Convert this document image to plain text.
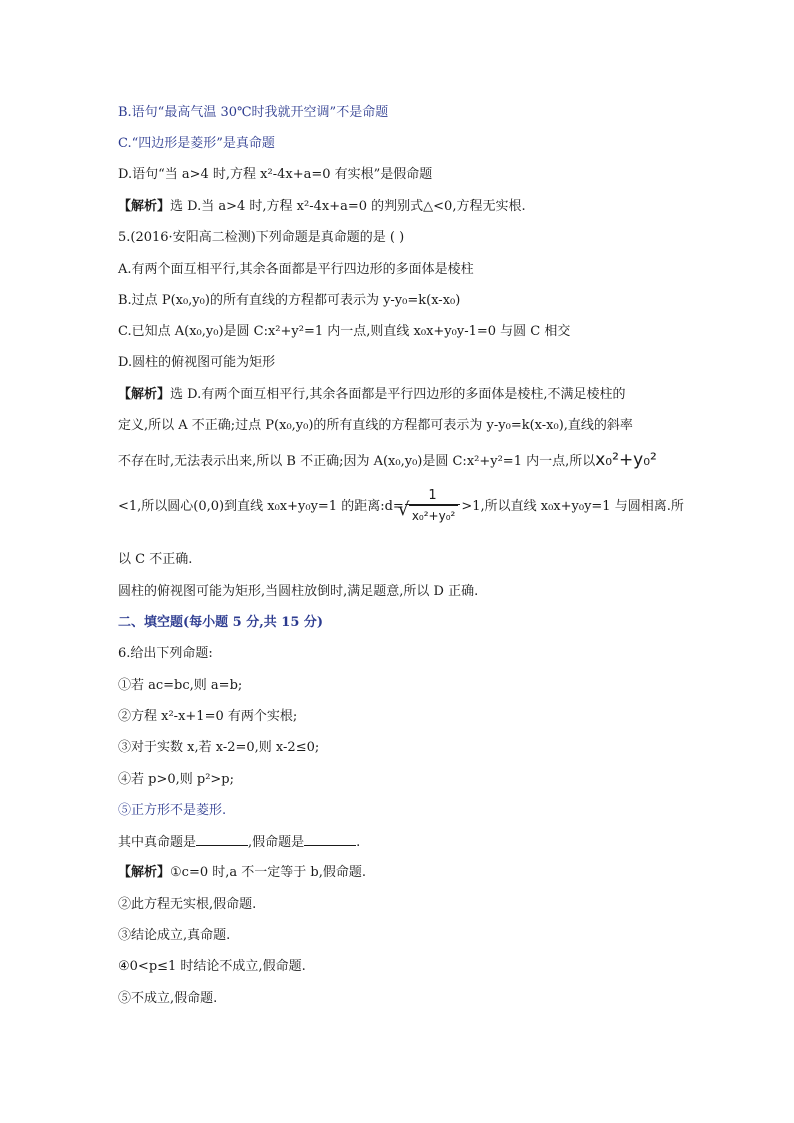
B.语句“最高气温 30℃时我就开空调”不是命题
C.“四边形是菱形”是真命题
D.语句“当 a>4 时,方程 x²-4x+a=0 有实根”是假命题
【解析】选 D.当 a>4 时,方程 x²-4x+a=0 的判别式△<0,方程无实根.
5.(2016·安阳高二检测)下列命题是真命题的是 ( )
A.有两个面互相平行,其余各面都是平行四边形的多面体是棱柱
B.过点 P(x₀,y₀)的所有直线的方程都可表示为 y-y₀=k(x-x₀)
C.已知点 A(x₀,y₀)是圆 C:x²+y²=1 内一点,则直线 x₀x+y₀y-1=0 与圆 C 相交
D.圆柱的俯视图可能为矩形
【解析】选 D.有两个面互相平行,其余各面都是平行四边形的多面体是棱柱,不满足棱柱的
定义,所以 A 不正确;过点 P(x₀,y₀)的所有直线的方程都可表示为 y-y₀=k(x-x₀),直线的斜率
不存在时,无法表示出来,所以 B 不正确;因为 A(x₀,y₀)是圆 C:x²+y²=1 内一点,所以x₀²+y₀²
<1,所以圆心(0,0)到直线 x₀x+y₀y=1 的距离:d= 1
√ x₀²+y₀² >1,所以直线 x₀x+y₀y=1 与圆相离.所
以 C 不正确.
圆柱的俯视图可能为矩形,当圆柱放倒时,满足题意,所以 D 正确.
二、填空题(每小题 5 分,共 15 分)
6.给出下列命题:
①若 ac=bc,则 a=b;
②方程 x²-x+1=0 有两个实根;
③对于实数 x,若 x-2=0,则 x-2≤0;
④若 p>0,则 p²>p;
⑤正方形不是菱形.
其中真命题是	,假命题是	.
【解析】①c=0 时,a 不一定等于 b,假命题.
②此方程无实根,假命题.
③结论成立,真命题.
④0<p≤1 时结论不成立,假命题.
⑤不成立,假命题.
